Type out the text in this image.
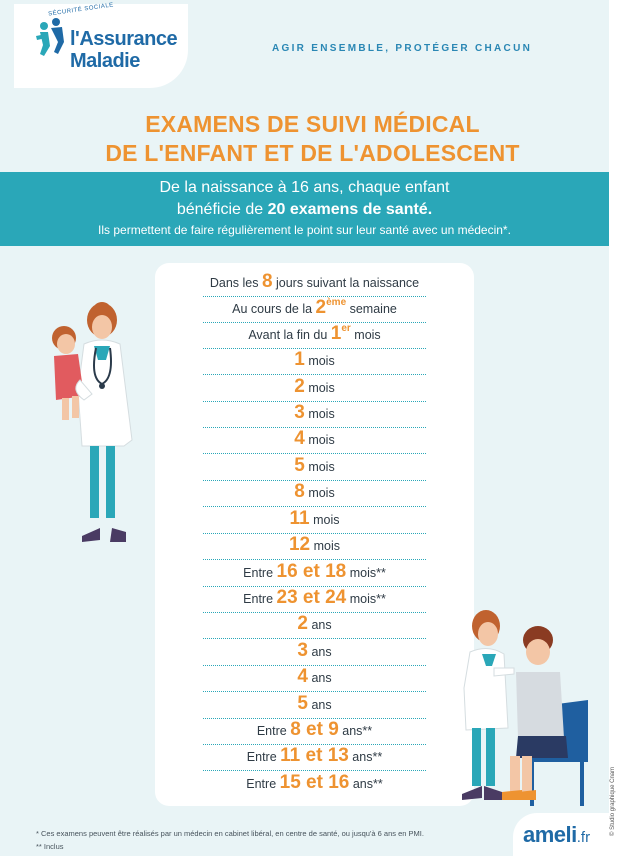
SÉCURITÉ SOCIALE
l'Assurance
Maladie
AGIR ENSEMBLE, PROTÉGER CHACUN
EXAMENS DE SUIVI MÉDICAL
DE L'ENFANT ET DE L'ADOLESCENT
De la naissance à 16 ans, chaque enfant
bénéficie de 20 examens de santé.
Ils permettent de faire régulièrement le point sur leur santé avec un médecin*.
Dans les 8 jours suivant la naissance
Au cours de la 2ème semaine
Avant la fin du 1er mois
1 mois
2 mois
3 mois
4 mois
5 mois
8 mois
11 mois
12 mois
Entre 16 et 18 mois**
Entre 23 et 24 mois**
2 ans
3 ans
4 ans
5 ans
Entre 8 et 9 ans**
Entre 11 et 13 ans**
Entre 15 et 16 ans**
* Ces examens peuvent être réalisés par un médecin en cabinet libéral, en centre de santé, ou jusqu'à 6 ans en PMI.
** Inclus	ameli.fr
